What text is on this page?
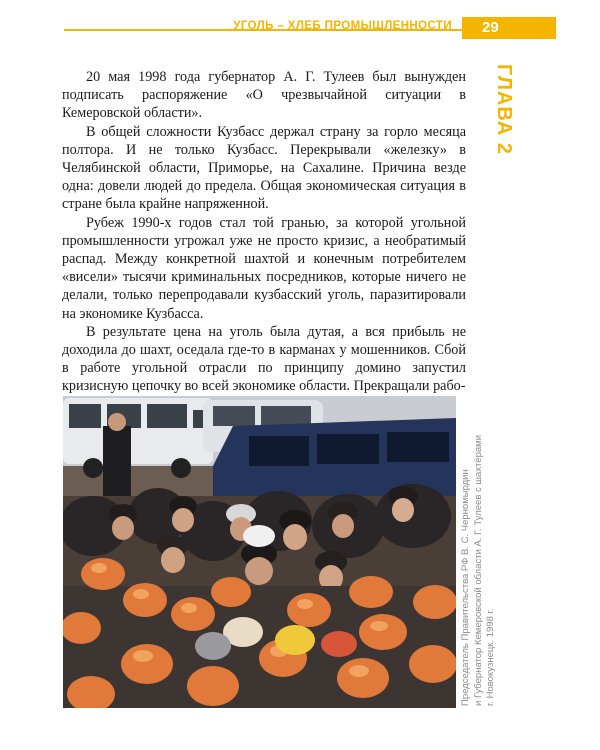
УГОЛЬ – ХЛЕБ ПРОМЫШЛЕННОСТИ	29
ГЛАВА 2

20 мая 1998 года губернатор А. Г. Тулеев был вынужден подписать распоряжение «О чрезвычайной ситуации в Кемеровской области».

В общей сложности Кузбасс держал страну за горло месяца полтора. И не только Кузбасс. Перекрывали «железку» в Челябинской области, Приморье, на Сахалине. Причина везде одна: довели людей до предела. Общая экономическая ситуация в стране была крайне напряженной.

Рубеж 1990-х годов стал той гранью, за которой угольной промышленности угрожал уже не просто кризис, а необратимый распад. Между конкретной шахтой и конечным потребителем «висели» тысячи криминальных посредников, которые ничего не делали, только перепродавали кузбасский уголь, паразитировали на экономике Кузбасса.

В результате цена на уголь была дутая, а вся прибыль не доходила до шахт, оседала где-то в карманах у мошенников. Сбой в работе угольной отрасли по принципу домино запустил кризисную цепочку во всей экономике области. Прекращали рабо-

Председатель Правительства РФ В. С. Черномырдин и Губернатор Кемеровской области А. Г. Тулеев с шахтёрами г. Новокузнецк. 1998 г.
